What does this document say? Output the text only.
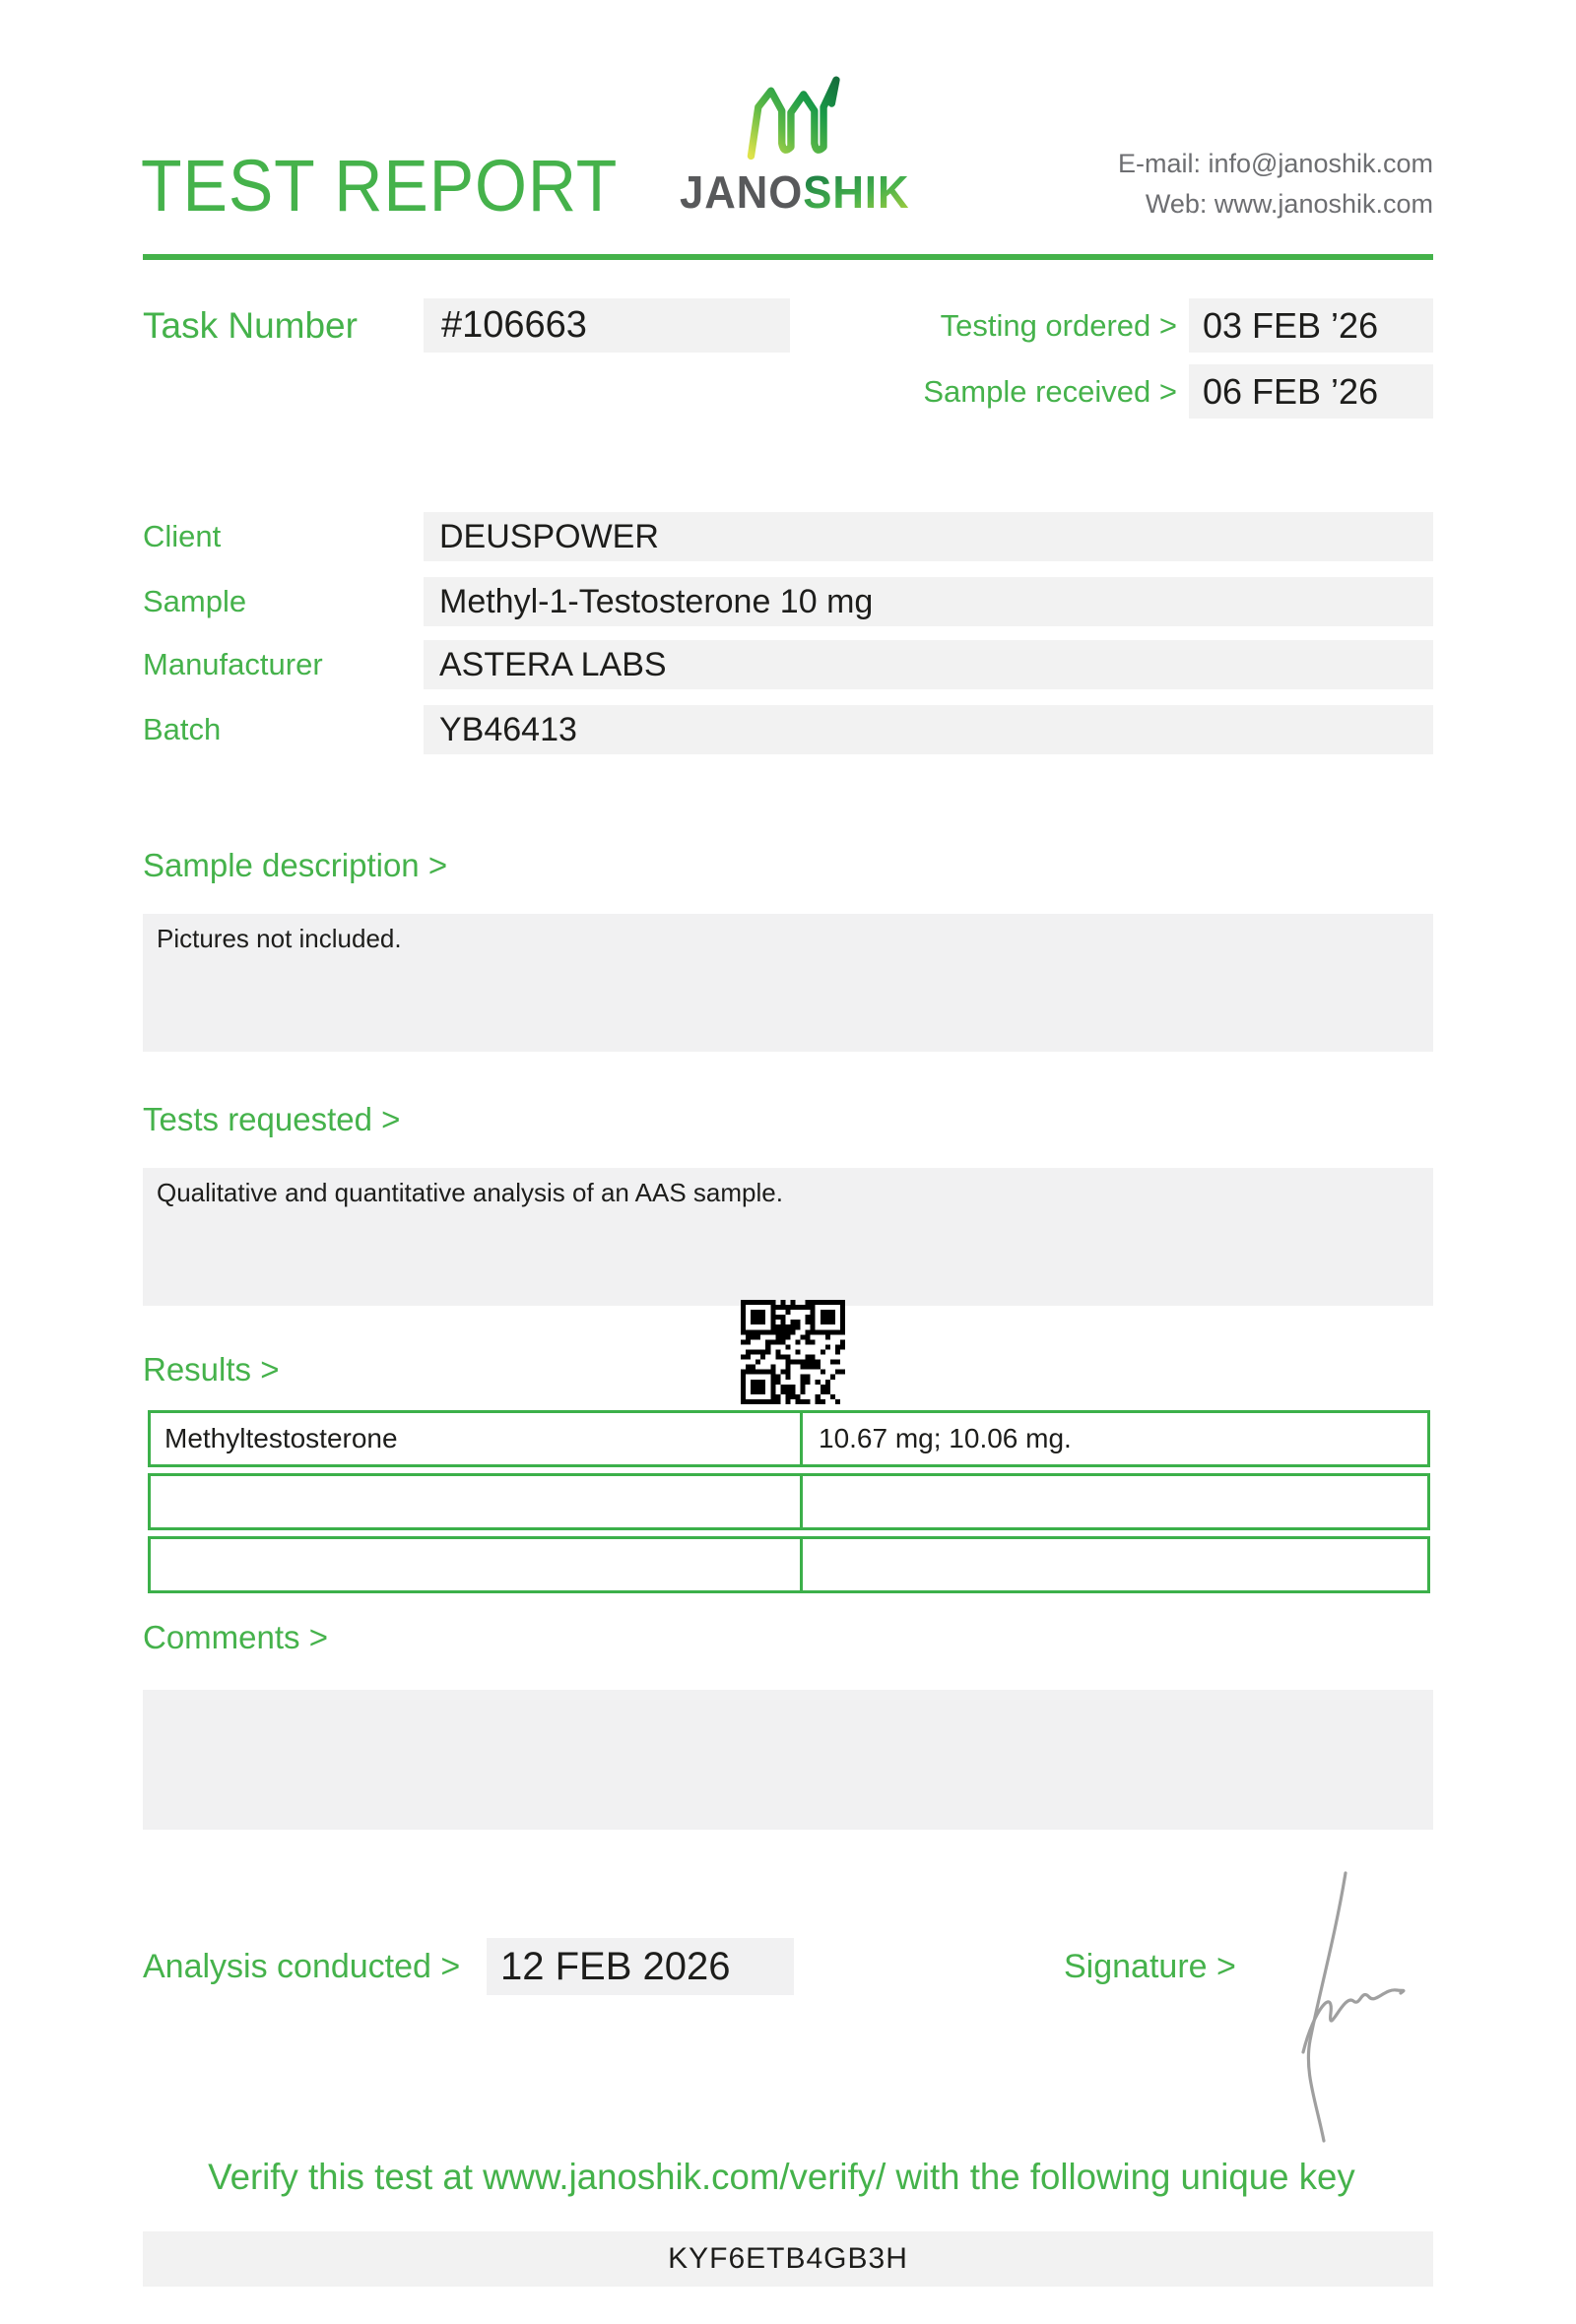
TEST REPORT JANOSHIK
E-mail: info@janoshik.com
Web: www.janoshik.com
Task Number	#106663	Testing ordered > 03 FEB ’26
Sample received > 06 FEB ’26
Client	DEUSPOWER
Sample	Methyl-1-Testosterone 10 mg
Manufacturer	ASTERA LABS
Batch	YB46413
Sample description >
Pictures not included.
Tests requested >
Qualitative and quantitative analysis of an AAS sample.
Results >
Methyltestosterone	10.67 mg; 10.06 mg.
Comments >
Analysis conducted >	12 FEB 2026	Signature >
Verify this test at www.janoshik.com/verify/ with the following unique key
KYF6ETB4GB3H
